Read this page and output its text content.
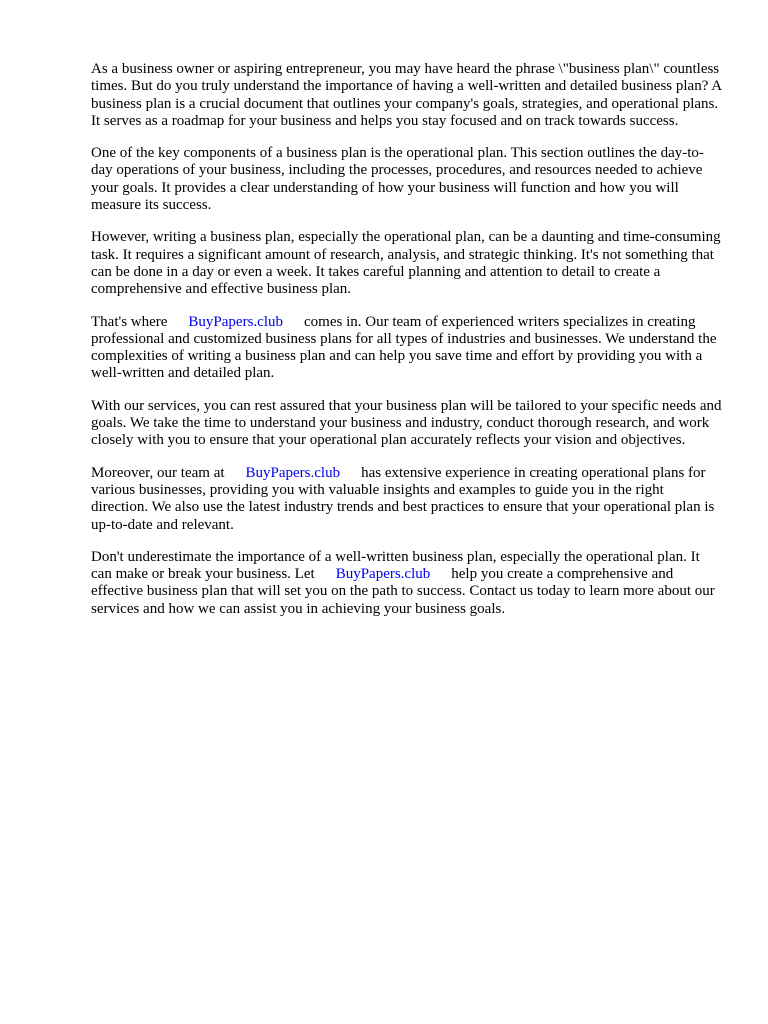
As a business owner or aspiring entrepreneur, you may have heard the phrase \"business plan\" countless times. But do you truly understand the importance of having a well-written and detailed business plan? A business plan is a crucial document that outlines your company's goals, strategies, and operational plans. It serves as a roadmap for your business and helps you stay focused and on track towards success.

One of the key components of a business plan is the operational plan. This section outlines the day-to-day operations of your business, including the processes, procedures, and resources needed to achieve your goals. It provides a clear understanding of how your business will function and how you will measure its success.

However, writing a business plan, especially the operational plan, can be a daunting and time-consuming task. It requires a significant amount of research, analysis, and strategic thinking. It's not something that can be done in a day or even a week. It takes careful planning and attention to detail to create a comprehensive and effective business plan.

That's where BuyPapers.club comes in. Our team of experienced writers specializes in creating professional and customized business plans for all types of industries and businesses. We understand the complexities of writing a business plan and can help you save time and effort by providing you with a well-written and detailed plan.

With our services, you can rest assured that your business plan will be tailored to your specific needs and goals. We take the time to understand your business and industry, conduct thorough research, and work closely with you to ensure that your operational plan accurately reflects your vision and objectives.

Moreover, our team at BuyPapers.club has extensive experience in creating operational plans for various businesses, providing you with valuable insights and examples to guide you in the right direction. We also use the latest industry trends and best practices to ensure that your operational plan is up-to-date and relevant.

Don't underestimate the importance of a well-written business plan, especially the operational plan. It can make or break your business. Let BuyPapers.club help you create a comprehensive and effective business plan that will set you on the path to success. Contact us today to learn more about our services and how we can assist you in achieving your business goals.
